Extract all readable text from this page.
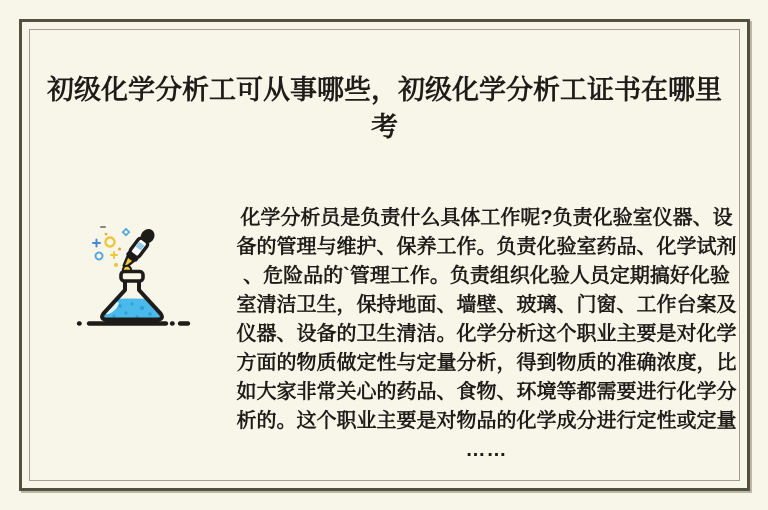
初级化学分析工可从事哪些，初级化学分析工证书在哪里
考
化学分析员是负责什么具体工作呢?负责化验室仪器、设
备的管理与维护、保养工作。负责化验室药品、化学试剂
、危险品的`管理工作。负责组织化验人员定期搞好化验
室清洁卫生，保持地面、墙壁、玻璃、门窗、工作台案及
仪器、设备的卫生清洁。化学分析这个职业主要是对化学
方面的物质做定性与定量分析，得到物质的准确浓度，比
如大家非常关心的药品、食物、环境等都需要进行化学分
析的。这个职业主要是对物品的化学成分进行定性或定量
……
